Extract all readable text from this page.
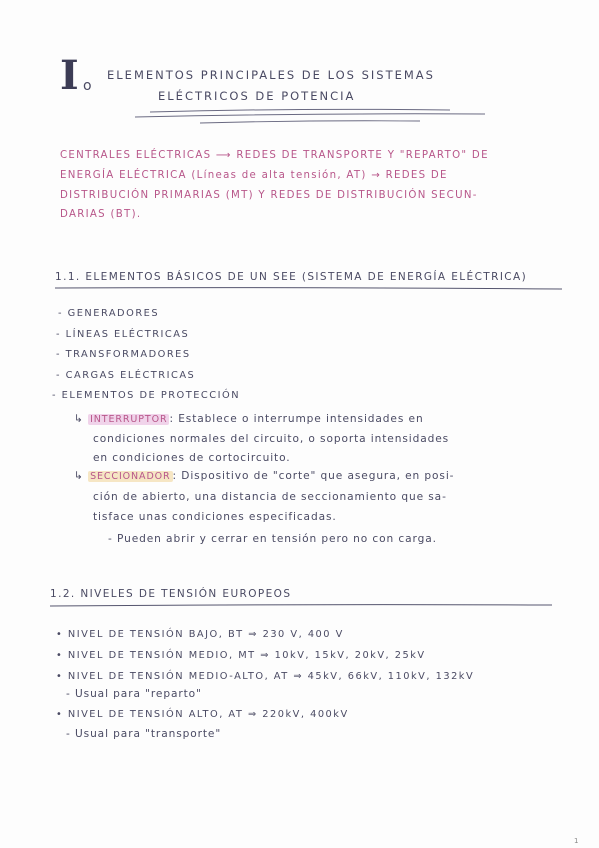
I o
ELEMENTOS PRINCIPALES DE LOS SISTEMAS
ELÉCTRICOS DE POTENCIA
CENTRALES ELÉCTRICAS ⟶ REDES DE TRANSPORTE Y "REPARTO" DE
ENERGÍA ELÉCTRICA (Líneas de alta tensión, AT) → REDES DE
DISTRIBUCIÓN PRIMARIAS (MT) Y REDES DE DISTRIBUCIÓN SECUN-
DARIAS (BT).
1.1. ELEMENTOS BÁSICOS DE UN SEE (SISTEMA DE ENERGÍA ELÉCTRICA)
- GENERADORES
- LÍNEAS ELÉCTRICAS
- TRANSFORMADORES
- CARGAS ELÉCTRICAS
- ELEMENTOS DE PROTECCIÓN
↳ INTERRUPTOR : Establece o interrumpe intensidades en
condiciones normales del circuito, o soporta intensidades
en condiciones de cortocircuito.
↳ SECCIONADOR : Dispositivo de "corte" que asegura, en posi-
ción de abierto, una distancia de seccionamiento que sa-
tisface unas condiciones especificadas.
- Pueden abrir y cerrar en tensión pero no con carga.
1.2. NIVELES DE TENSIÓN EUROPEOS
• NIVEL DE TENSIÓN BAJO, BT ⇒ 230 V, 400 V
• NIVEL DE TENSIÓN MEDIO, MT ⇒ 10kV, 15kV, 20kV, 25kV
• NIVEL DE TENSIÓN MEDIO-ALTO, AT ⇒ 45kV, 66kV, 110kV, 132kV
- Usual para "reparto"
• NIVEL DE TENSIÓN ALTO, AT ⇒ 220kV, 400kV
- Usual para "transporte"
1
